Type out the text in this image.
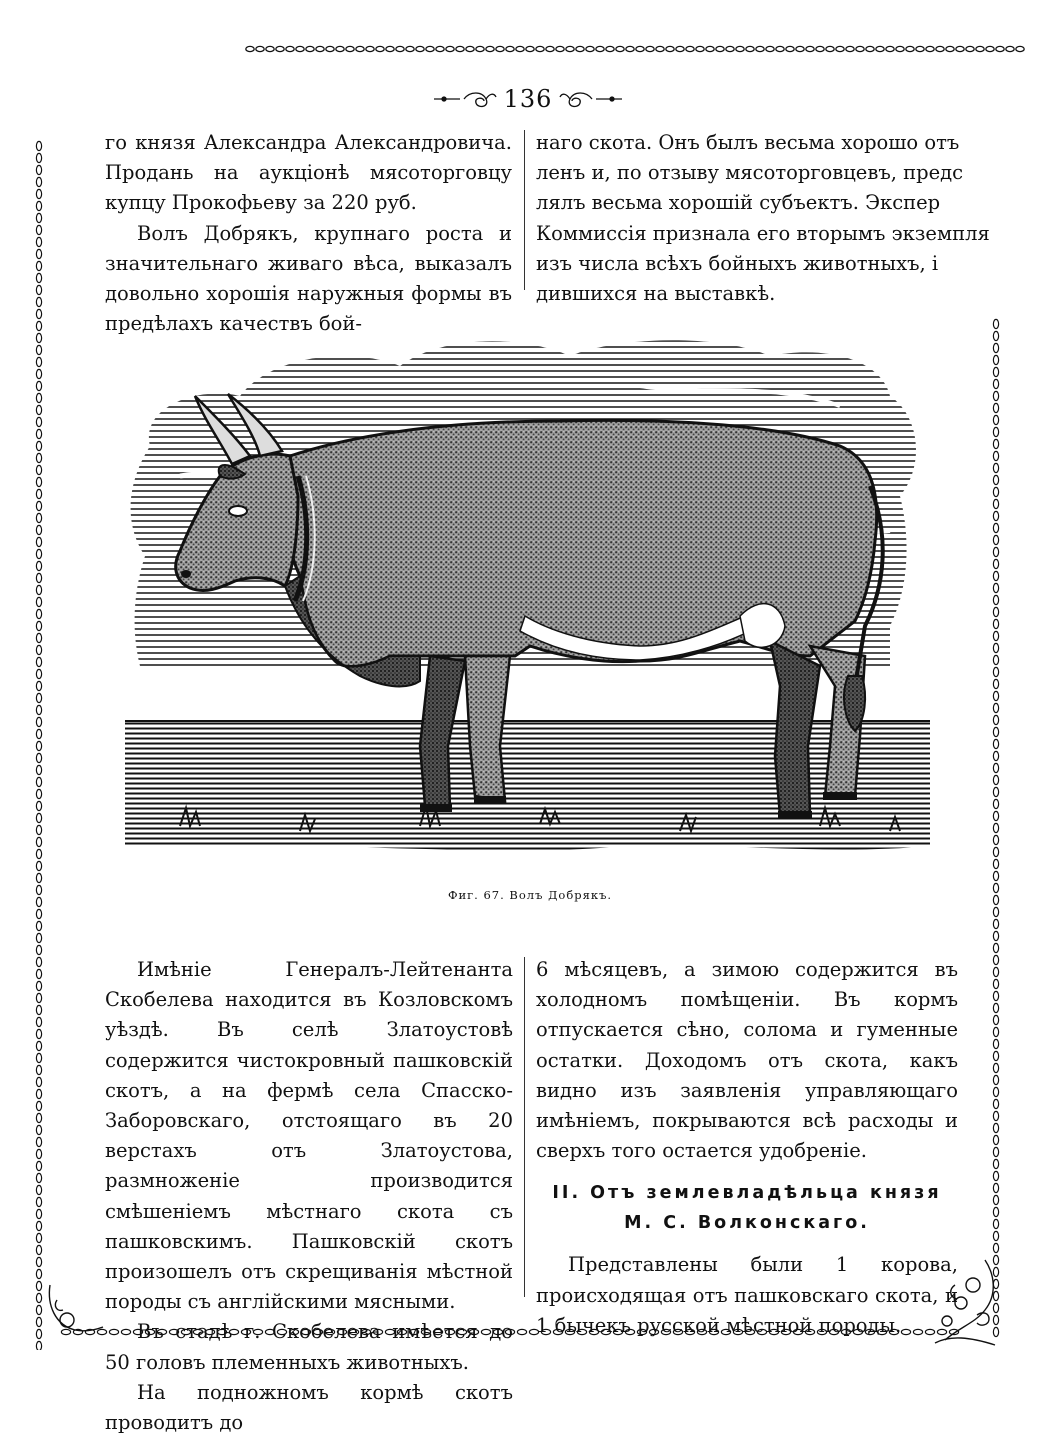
136

го князя Александра Александровича. Продань на аукціонѣ мясоторговцу купцу Прокофьеву за 220 руб.

Волъ Добрякъ, крупнаго роста и значительнаго живаго вѣса, выказалъ довольно хорошія наружныя формы въ предѣлахъ качествъ бой-

наго скота. Онъ былъ весьма хорошо отъ

ленъ и, по отзыву мясоторговцевъ, предс

лялъ весьма хорошій субъектъ. Экспер

Коммиссія признала его вторымъ экземпля

изъ числа всѣхъ бойныхъ животныхъ, і

дившихся на выставкѣ.

Фиг. 67. Волъ Добрякъ.

Имѣніе Генералъ-Лейтенанта Скобелева находится въ Козловскомъ уѣздѣ. Въ селѣ Златоустовѣ содержится чистокровный пашковскій скотъ, а на фермѣ села Спасско-Заборовскаго, отстоящаго въ 20 верстахъ отъ Златоустова, размноженіе производится смѣшеніемъ мѣстнаго скота съ пашковскимъ. Пашковскій скотъ произошелъ отъ скрещиванія мѣстной породы съ англійскими мясными.

Въ стадѣ г. Скобелева имѣется до 50 головъ племенныхъ животныхъ.

На подножномъ кормѣ скотъ проводитъ до

6 мѣсяцевъ, а зимою содержится въ холодномъ помѣщеніи. Въ кормъ отпускается сѣно, солома и гуменные остатки. Доходомъ отъ скота, какъ видно изъ заявленія управляющаго имѣніемъ, покрываются всѣ расходы и сверхъ того остается удобреніе.

II. Отъ землевладѣльца князя М. С. Волконскаго.

Представлены были 1 корова, происходящая отъ пашковскаго скота, и 1 бычекъ русской мѣстной породы.
